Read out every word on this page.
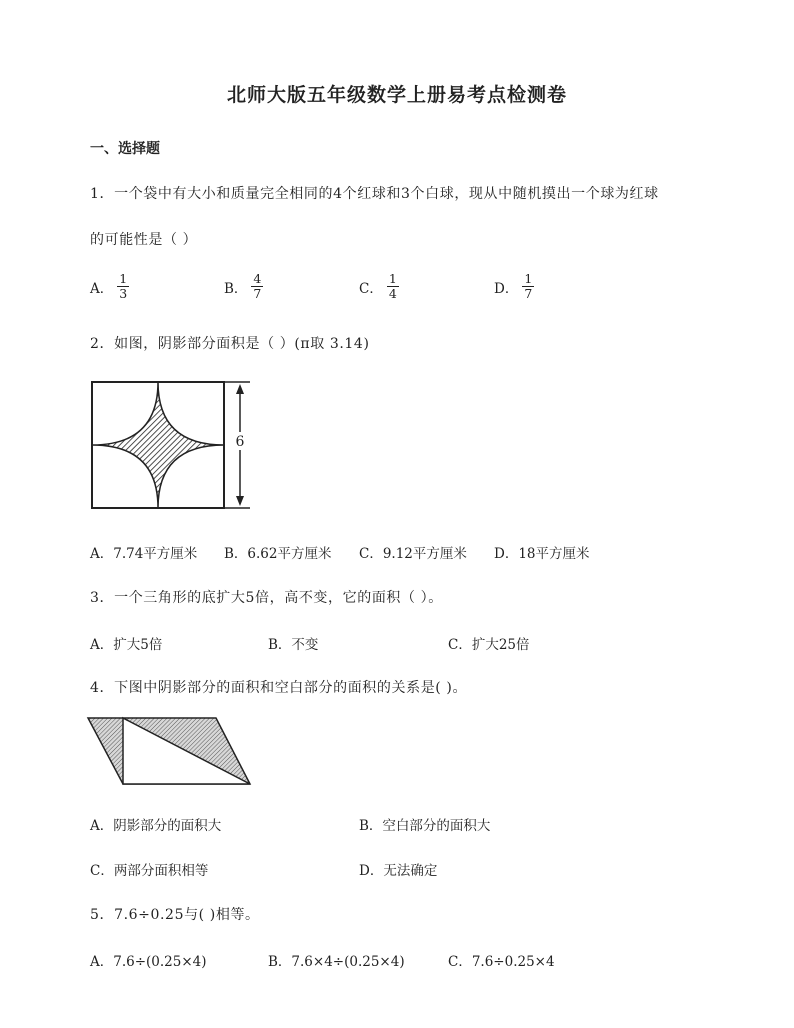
北师大版五年级数学上册易考点检测卷
一、选择题
1．一个袋中有大小和质量完全相同的4个红球和3个白球，现从中随机摸出一个球为红球
的可能性是（ ）
A． $\frac{1}{3}$	B． $\frac{4}{7}$	C． $\frac{1}{4}$	D． $\frac{1}{7}$
2．如图，阴影部分面积是（ ）(π取 3.14)
6
A．7.74平方厘米 B．6.62平方厘米 C．9.12平方厘米 D．18平方厘米
3．一个三角形的底扩大5倍，高不变，它的面积（ ）。
A．扩大5倍	B．不变	C．扩大25倍
4．下图中阴影部分的面积和空白部分的面积的关系是( )。
A．阴影部分的面积大	B．空白部分的面积大
C．两部分面积相等	D．无法确定
5．7.6÷0.25与( )相等。
A．7.6÷(0.25×4)	B．7.6×4÷(0.25×4)	C．7.6÷0.25×4
